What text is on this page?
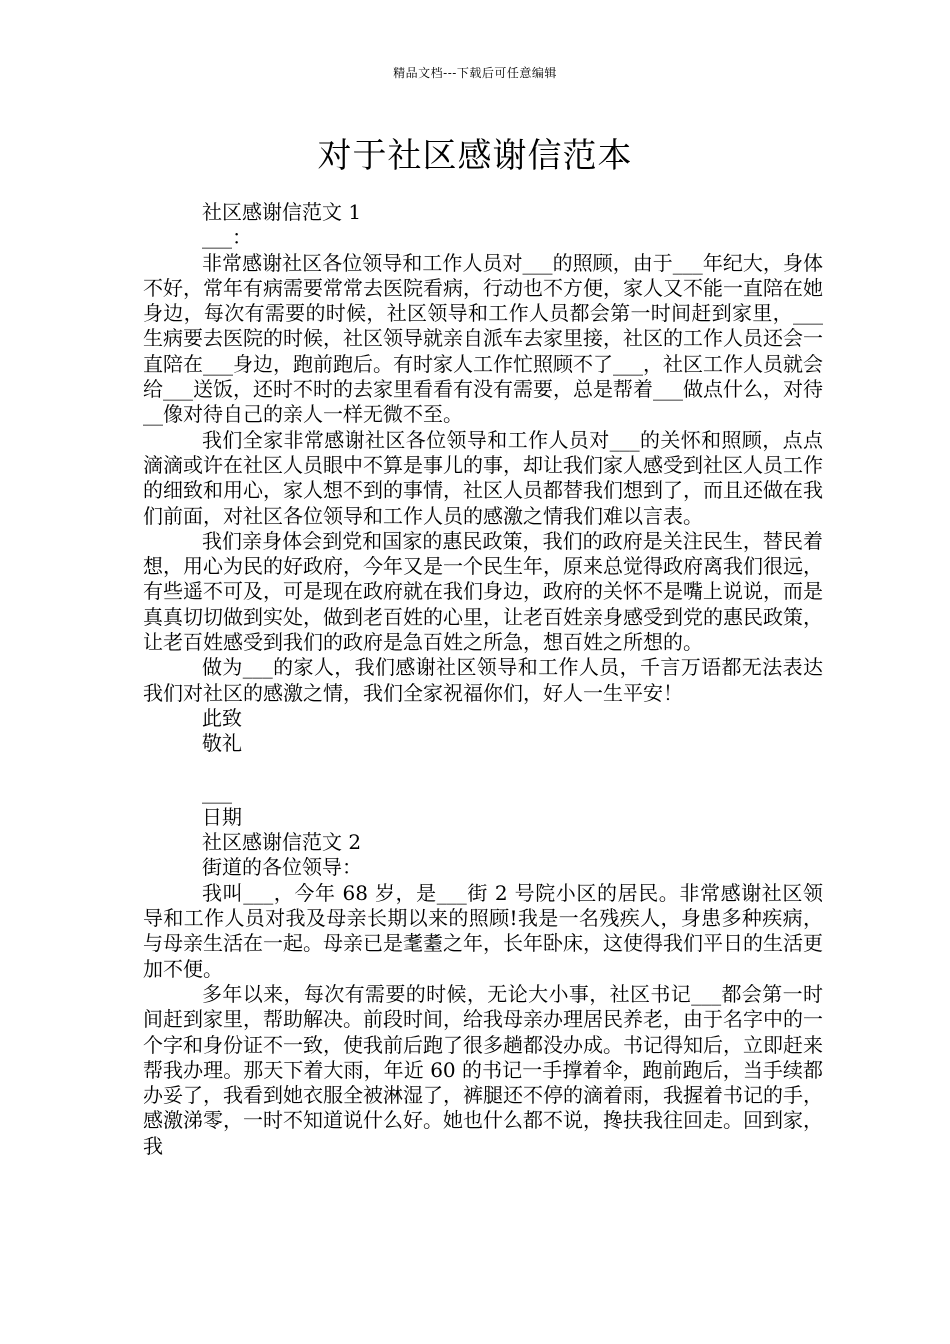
精品文档---下载后可任意编辑
对于社区感谢信范本

社区感谢信范文 1

___：

非常感谢社区各位领导和工作人员对___的照顾，由于___年纪大，身体不好，常年有病需要常常去医院看病，行动也不方便，家人又不能一直陪在她身边，每次有需要的时候，社区领导和工作人员都会第一时间赶到家里，___生病要去医院的时候，社区领导就亲自派车去家里接，社区的工作人员还会一直陪在___身边，跑前跑后。有时家人工作忙照顾不了___，社区工作人员就会给___送饭，还时不时的去家里看看有没有需要，总是帮着___做点什么，对待__像对待自己的亲人一样无微不至。

我们全家非常感谢社区各位领导和工作人员对___的关怀和照顾，点点滴滴或许在社区人员眼中不算是事儿的事，却让我们家人感受到社区人员工作的细致和用心，家人想不到的事情，社区人员都替我们想到了，而且还做在我们前面，对社区各位领导和工作人员的感激之情我们难以言表。

我们亲身体会到党和国家的惠民政策，我们的政府是关注民生，替民着想，用心为民的好政府，今年又是一个民生年，原来总觉得政府离我们很远，有些遥不可及，可是现在政府就在我们身边，政府的关怀不是嘴上说说，而是真真切切做到实处，做到老百姓的心里，让老百姓亲身感受到党的惠民政策，让老百姓感受到我们的政府是急百姓之所急，想百姓之所想的。

做为___的家人，我们感谢社区领导和工作人员，千言万语都无法表达我们对社区的感激之情，我们全家祝福你们，好人一生平安！

此致

敬礼

___

日期

社区感谢信范文 2

街道的各位领导：

我叫___，今年 68 岁，是___街 2 号院小区的居民。非常感谢社区领导和工作人员对我及母亲长期以来的照顾!我是一名残疾人，身患多种疾病，与母亲生活在一起。母亲已是耄耋之年，长年卧床，这使得我们平日的生活更加不便。

多年以来，每次有需要的时候，无论大小事，社区书记___都会第一时间赶到家里，帮助解决。前段时间，给我母亲办理居民养老，由于名字中的一个字和身份证不一致，使我前后跑了很多趟都没办成。书记得知后，立即赶来帮我办理。那天下着大雨，年近 60 的书记一手撑着伞，跑前跑后，当手续都办妥了，我看到她衣服全被淋湿了，裤腿还不停的滴着雨，我握着书记的手，感激涕零，一时不知道说什么好。她也什么都不说，搀扶我往回走。回到家，我
